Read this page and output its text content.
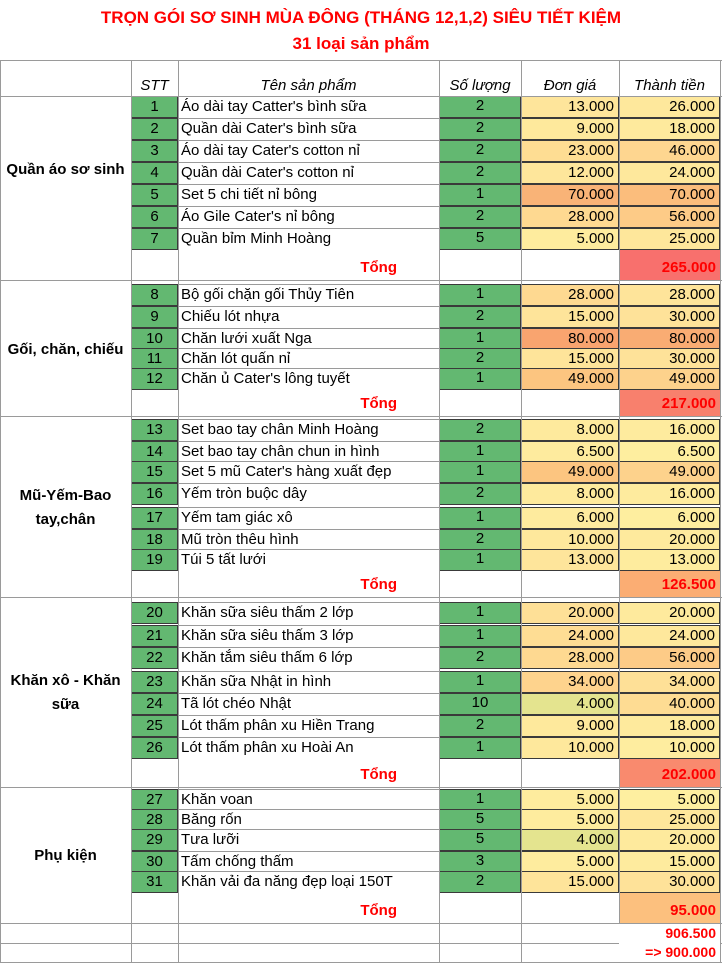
TRỌN GÓI SƠ SINH MÙA ĐÔNG (THÁNG 12,1,2) SIÊU TIẾT KIỆM
31 loại sản phẩm
STT	Tên sản phẩm	Số lượng	Đơn giá	Thành tiền
Quần áo sơ sinh
1	Áo dài tay Catter's bình sữa	2	13.000	26.000
2	Quần dài Cater's bình sữa	2	9.000	18.000
3	Áo dài tay Cater's cotton nỉ	2	23.000	46.000
4	Quần dài Cater's cotton nỉ	2	12.000	24.000
5	Set 5 chi tiết nỉ bông	1	70.000	70.000
6	Áo Gile Cater's nỉ bông	2	28.000	56.000
7	Quần bỉm Minh Hoàng	5	5.000	25.000
Tổng	265.000
Gối, chăn, chiếu
8	Bộ gối chặn gối Thủy Tiên	1	28.000	28.000
9	Chiếu lót nhựa	2	15.000	30.000
10	Chăn lưới xuất Nga	1	80.000	80.000
11	Chăn lót quấn nỉ	2	15.000	30.000
12	Chăn ủ Cater's lông tuyết	1	49.000	49.000
Tổng	217.000
Mũ-Yếm-Bao tay,chân
13	Set bao tay chân Minh Hoàng	2	8.000	16.000
14	Set bao tay chân chun in hình	1	6.500	6.500
15	Set 5 mũ Cater's hàng xuất đẹp	1	49.000	49.000
16	Yếm tròn buộc dây	2	8.000	16.000
17	Yếm tam giác xô	1	6.000	6.000
18	Mũ tròn thêu hình	2	10.000	20.000
19	Túi 5 tất lưới	1	13.000	13.000
Tổng	126.500
Khăn xô - Khăn sữa
20	Khăn sữa siêu thấm 2 lớp	1	20.000	20.000
21	Khăn sữa siêu thấm 3 lớp	1	24.000	24.000
22	Khăn tắm siêu thấm 6 lớp	2	28.000	56.000
23	Khăn sữa Nhật in hình	1	34.000	34.000
24	Tã lót chéo Nhật	10	4.000	40.000
25	Lót thấm phân xu Hiền Trang	2	9.000	18.000
26	Lót thấm phân xu Hoài An	1	10.000	10.000
Tổng	202.000
Phụ kiện
27	Khăn voan	1	5.000	5.000
28	Băng rốn	5	5.000	25.000
29	Tưa lưỡi	5	4.000	20.000
30	Tấm chống thấm	3	5.000	15.000
31	Khăn vải đa năng đẹp loại 150T	2	15.000	30.000
Tổng	95.000
906.500
=> 900.000
